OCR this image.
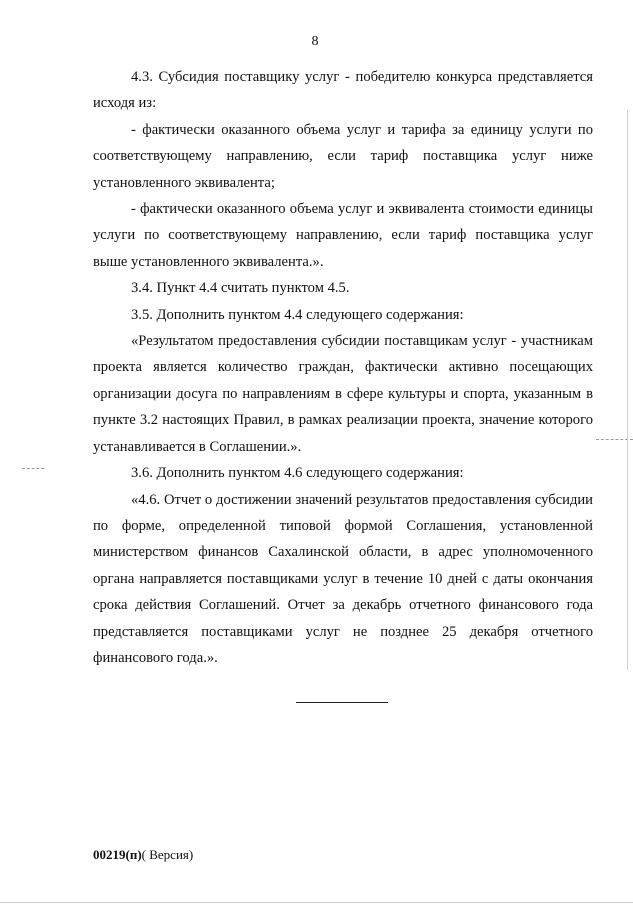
8

4.3. Субсидия поставщику услуг - победителю конкурса представляется исходя из:

- фактически оказанного объема услуг и тарифа за единицу услуги по соответствующему направлению, если тариф поставщика услуг ниже установленного эквивалента;

- фактически оказанного объема услуг и эквивалента стоимости единицы услуги по соответствующему направлению, если тариф поставщика услуг выше установленного эквивалента.».

3.4. Пункт 4.4 считать пунктом 4.5.

3.5. Дополнить пунктом 4.4 следующего содержания:

«Результатом предоставления субсидии поставщикам услуг - участникам проекта является количество граждан, фактически активно посещающих организации досуга по направлениям в сфере культуры и спорта, указанным в пункте 3.2 настоящих Правил, в рамках реализации проекта, значение которого устанавливается в Соглашении.».

3.6. Дополнить пунктом 4.6 следующего содержания:

«4.6. Отчет о достижении значений результатов предоставления субсидии по форме, определенной типовой формой Соглашения, установленной министерством финансов Сахалинской области, в адрес уполномоченного органа направляется поставщиками услуг в течение 10 дней с даты окончания срока действия Соглашений. Отчет за декабрь отчетного финансового года представляется поставщиками услуг не позднее 25 декабря отчетного финансового года.».

00219(п)( Версия)
